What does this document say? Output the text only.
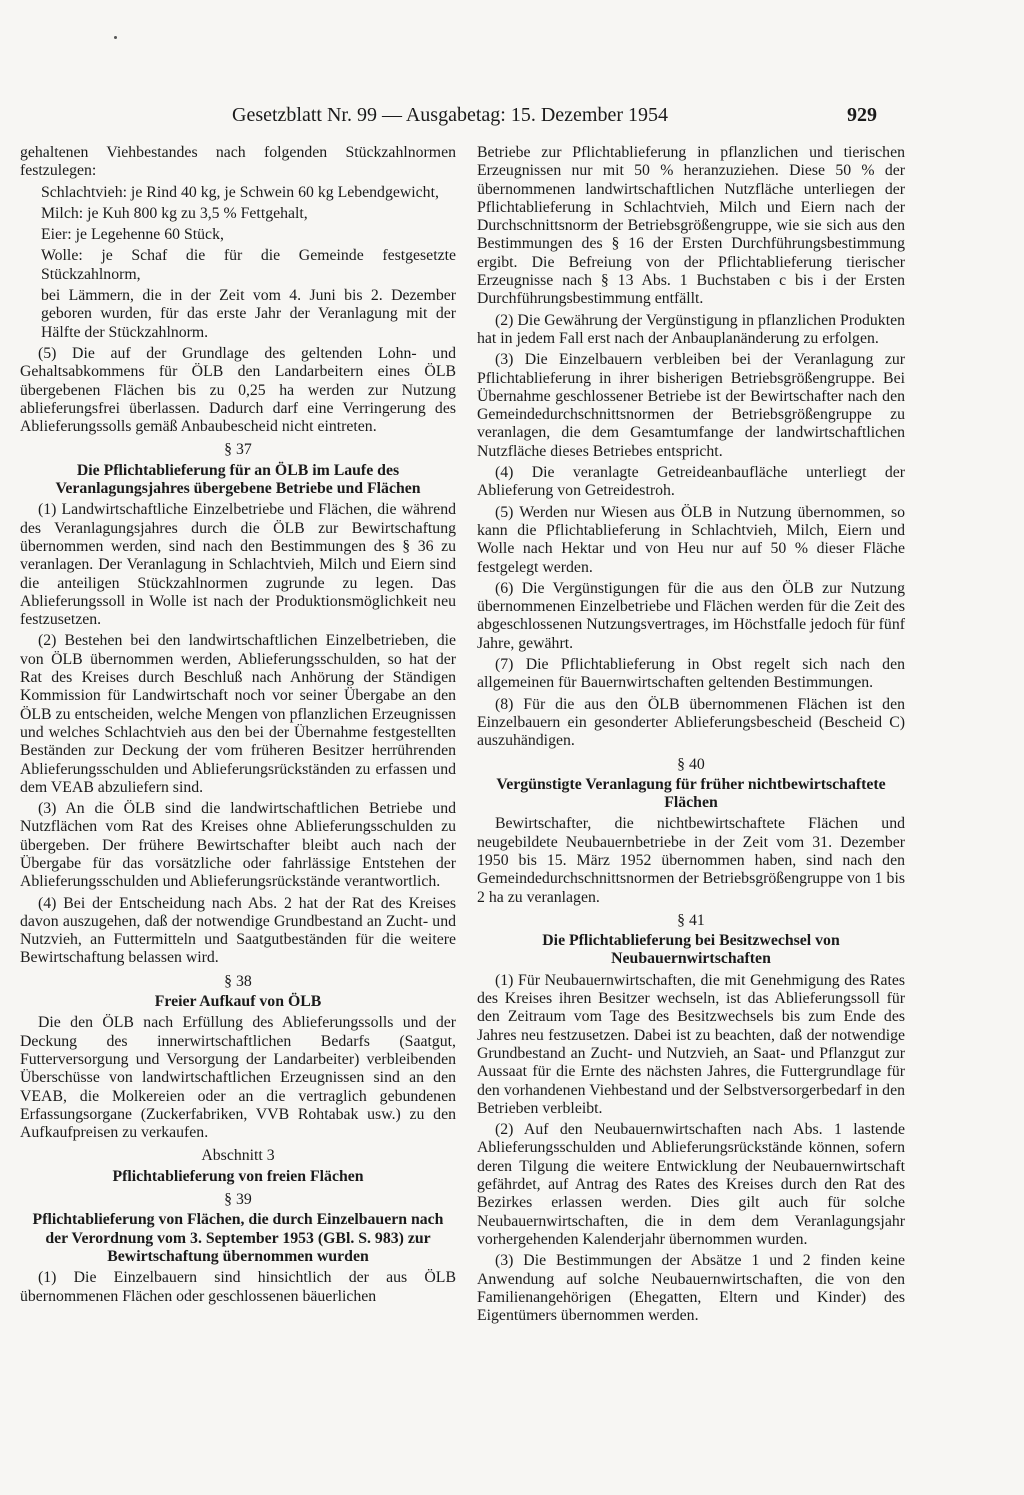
Gesetzblatt Nr. 99 — Ausgabetag: 15. Dezember 1954	929

gehaltenen Viehbestandes nach folgenden Stückzahlnormen festzulegen:

Schlachtvieh: je Rind 40 kg, je Schwein 60 kg Lebendgewicht,

Milch: je Kuh 800 kg zu 3,5 % Fettgehalt,

Eier: je Legehenne 60 Stück,

Wolle: je Schaf die für die Gemeinde festgesetzte Stückzahlnorm,

bei Lämmern, die in der Zeit vom 4. Juni bis 2. Dezember geboren wurden, für das erste Jahr der Veranlagung mit der Hälfte der Stückzahlnorm.

(5) Die auf der Grundlage des geltenden Lohn- und Gehaltsabkommens für ÖLB den Landarbeitern eines ÖLB übergebenen Flächen bis zu 0,25 ha werden zur Nutzung ablieferungsfrei überlassen. Dadurch darf eine Verringerung des Ablieferungssolls gemäß Anbaubescheid nicht eintreten.

§ 37

Die Pflichtablieferung für an ÖLB im Laufe des Veranlagungsjahres übergebene Betriebe und Flächen

(1) Landwirtschaftliche Einzelbetriebe und Flächen, die während des Veranlagungsjahres durch die ÖLB zur Bewirtschaftung übernommen werden, sind nach den Bestimmungen des § 36 zu veranlagen. Der Veranlagung in Schlachtvieh, Milch und Eiern sind die anteiligen Stückzahlnormen zugrunde zu legen. Das Ablieferungssoll in Wolle ist nach der Produktionsmöglichkeit neu festzusetzen.

(2) Bestehen bei den landwirtschaftlichen Einzelbetrieben, die von ÖLB übernommen werden, Ablieferungsschulden, so hat der Rat des Kreises durch Beschluß nach Anhörung der Ständigen Kommission für Landwirtschaft noch vor seiner Übergabe an den ÖLB zu entscheiden, welche Mengen von pflanzlichen Erzeugnissen und welches Schlachtvieh aus den bei der Übernahme festgestellten Beständen zur Deckung der vom früheren Besitzer herrührenden Ablieferungsschulden und Ablieferungsrückständen zu erfassen und dem VEAB abzuliefern sind.

(3) An die ÖLB sind die landwirtschaftlichen Betriebe und Nutzflächen vom Rat des Kreises ohne Ablieferungsschulden zu übergeben. Der frühere Bewirtschafter bleibt auch nach der Übergabe für das vorsätzliche oder fahrlässige Entstehen der Ablieferungsschulden und Ablieferungsrückstände verantwortlich.

(4) Bei der Entscheidung nach Abs. 2 hat der Rat des Kreises davon auszugehen, daß der notwendige Grundbestand an Zucht- und Nutzvieh, an Futtermitteln und Saatgutbeständen für die weitere Bewirtschaftung belassen wird.

§ 38

Freier Aufkauf von ÖLB

Die den ÖLB nach Erfüllung des Ablieferungssolls und der Deckung des innerwirtschaftlichen Bedarfs (Saatgut, Futterversorgung und Versorgung der Landarbeiter) verbleibenden Überschüsse von landwirtschaftlichen Erzeugnissen sind an den VEAB, die Molkereien oder an die vertraglich gebundenen Erfassungsorgane (Zuckerfabriken, VVB Rohtabak usw.) zu den Aufkaufpreisen zu verkaufen.

Abschnitt 3

Pflichtablieferung von freien Flächen

§ 39

Pflichtablieferung von Flächen, die durch Einzelbauern nach der Verordnung vom 3. September 1953 (GBl. S. 983) zur Bewirtschaftung übernommen wurden

(1) Die Einzelbauern sind hinsichtlich der aus ÖLB übernommenen Flächen oder geschlossenen bäuerlichen

Betriebe zur Pflichtablieferung in pflanzlichen und tierischen Erzeugnissen nur mit 50 % heranzuziehen. Diese 50 % der übernommenen landwirtschaftlichen Nutzfläche unterliegen der Pflichtablieferung in Schlachtvieh, Milch und Eiern nach der Durchschnittsnorm der Betriebsgrößengruppe, wie sie sich aus den Bestimmungen des § 16 der Ersten Durchführungsbestimmung ergibt. Die Befreiung von der Pflichtablieferung tierischer Erzeugnisse nach § 13 Abs. 1 Buchstaben c bis i der Ersten Durchführungsbestimmung entfällt.

(2) Die Gewährung der Vergünstigung in pflanzlichen Produkten hat in jedem Fall erst nach der Anbauplanänderung zu erfolgen.

(3) Die Einzelbauern verbleiben bei der Veranlagung zur Pflichtablieferung in ihrer bisherigen Betriebsgrößengruppe. Bei Übernahme geschlossener Betriebe ist der Bewirtschafter nach den Gemeindedurchschnittsnormen der Betriebsgrößengruppe zu veranlagen, die dem Gesamtumfange der landwirtschaftlichen Nutzfläche dieses Betriebes entspricht.

(4) Die veranlagte Getreideanbaufläche unterliegt der Ablieferung von Getreidestroh.

(5) Werden nur Wiesen aus ÖLB in Nutzung übernommen, so kann die Pflichtablieferung in Schlachtvieh, Milch, Eiern und Wolle nach Hektar und von Heu nur auf 50 % dieser Fläche festgelegt werden.

(6) Die Vergünstigungen für die aus den ÖLB zur Nutzung übernommenen Einzelbetriebe und Flächen werden für die Zeit des abgeschlossenen Nutzungsvertrages, im Höchstfalle jedoch für fünf Jahre, gewährt.

(7) Die Pflichtablieferung in Obst regelt sich nach den allgemeinen für Bauernwirtschaften geltenden Bestimmungen.

(8) Für die aus den ÖLB übernommenen Flächen ist den Einzelbauern ein gesonderter Ablieferungsbescheid (Bescheid C) auszuhändigen.

§ 40

Vergünstigte Veranlagung für früher nichtbewirtschaftete Flächen

Bewirtschafter, die nichtbewirtschaftete Flächen und neugebildete Neubauernbetriebe in der Zeit vom 31. Dezember 1950 bis 15. März 1952 übernommen haben, sind nach den Gemeindedurchschnittsnormen der Betriebsgrößengruppe von 1 bis 2 ha zu veranlagen.

§ 41

Die Pflichtablieferung bei Besitzwechsel von Neubauernwirtschaften

(1) Für Neubauernwirtschaften, die mit Genehmigung des Rates des Kreises ihren Besitzer wechseln, ist das Ablieferungssoll für den Zeitraum vom Tage des Besitzwechsels bis zum Ende des Jahres neu festzusetzen. Dabei ist zu beachten, daß der notwendige Grundbestand an Zucht- und Nutzvieh, an Saat- und Pflanzgut zur Aussaat für die Ernte des nächsten Jahres, die Futtergrundlage für den vorhandenen Viehbestand und der Selbstversorgerbedarf in den Betrieben verbleibt.

(2) Auf den Neubauernwirtschaften nach Abs. 1 lastende Ablieferungsschulden und Ablieferungsrückstände können, sofern deren Tilgung die weitere Entwicklung der Neubauernwirtschaft gefährdet, auf Antrag des Rates des Kreises durch den Rat des Bezirkes erlassen werden. Dies gilt auch für solche Neubauernwirtschaften, die in dem dem Veranlagungsjahr vorhergehenden Kalenderjahr übernommen wurden.

(3) Die Bestimmungen der Absätze 1 und 2 finden keine Anwendung auf solche Neubauernwirtschaften, die von den Familienangehörigen (Ehegatten, Eltern und Kinder) des Eigentümers übernommen werden.
